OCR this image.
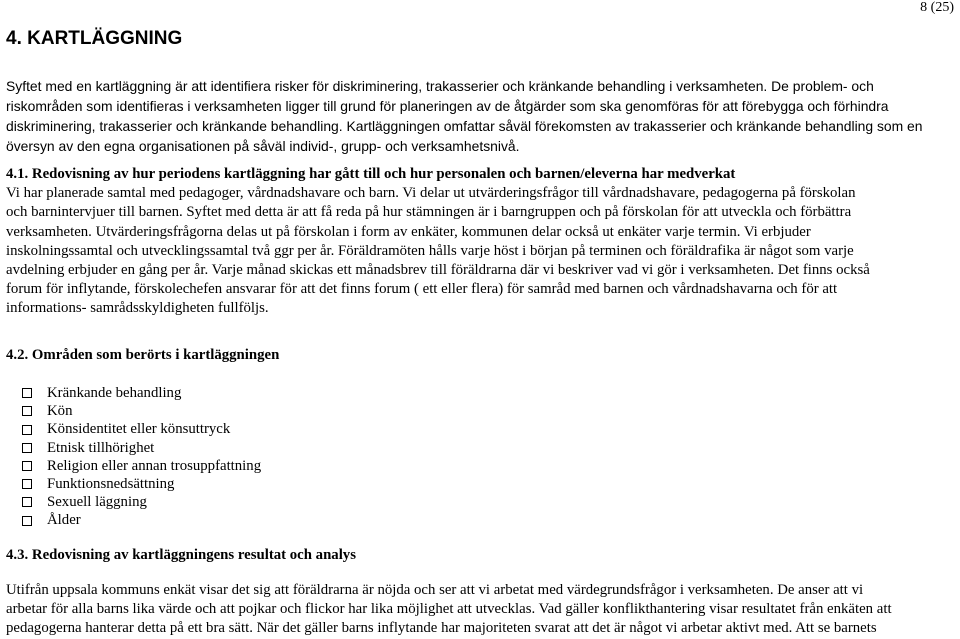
8 (25)
4. KARTLÄGGNING
Syftet med en kartläggning är att identifiera risker för diskriminering, trakasserier och kränkande behandling i verksamheten. De problem- och
riskområden som identifieras i verksamheten ligger till grund för planeringen av de åtgärder som ska genomföras för att förebygga och förhindra
diskriminering, trakasserier och kränkande behandling. Kartläggningen omfattar såväl förekomsten av trakasserier och kränkande behandling som en
översyn av den egna organisationen på såväl individ-, grupp- och verksamhetsnivå.
4.1. Redovisning av hur periodens kartläggning har gått till och hur personalen och barnen/eleverna har medverkat
Vi har planerade samtal med pedagoger, vårdnadshavare och barn. Vi delar ut utvärderingsfrågor till vårdnadshavare, pedagogerna på förskolan
och barnintervjuer till barnen. Syftet med detta är att få reda på hur stämningen är i barngruppen och på förskolan för att utveckla och förbättra
verksamheten. Utvärderingsfrågorna delas ut på förskolan i form av enkäter, kommunen delar också ut enkäter varje termin. Vi erbjuder
inskolningssamtal och utvecklingssamtal två ggr per år. Föräldramöten hålls varje höst i början på terminen och föräldrafika är något som varje
avdelning erbjuder en gång per år. Varje månad skickas ett månadsbrev till föräldrarna där vi beskriver vad vi gör i verksamheten. Det finns också
forum för inflytande, förskolechefen ansvarar för att det finns forum ( ett eller flera) för samråd med barnen och vårdnadshavarna och för att
informations- samrådsskyldigheten fullföljs.
4.2. Områden som berörts i kartläggningen
Kränkande behandling
Kön
Könsidentitet eller könsuttryck
Etnisk tillhörighet
Religion eller annan trosuppfattning
Funktionsnedsättning
Sexuell läggning
Ålder
4.3. Redovisning av kartläggningens resultat och analys
Utifrån uppsala kommuns enkät visar det sig att föräldrarna är nöjda och ser att vi arbetat med värdegrundsfrågor i verksamheten. De anser att vi
arbetar för alla barns lika värde och att pojkar och flickor har lika möjlighet att utvecklas. Vad gäller konflikthantering visar resultatet från enkäten att
pedagogerna hanterar detta på ett bra sätt. När det gäller barns inflytande har majoriteten svarat att det är något vi arbetar aktivt med. Att se barnets
